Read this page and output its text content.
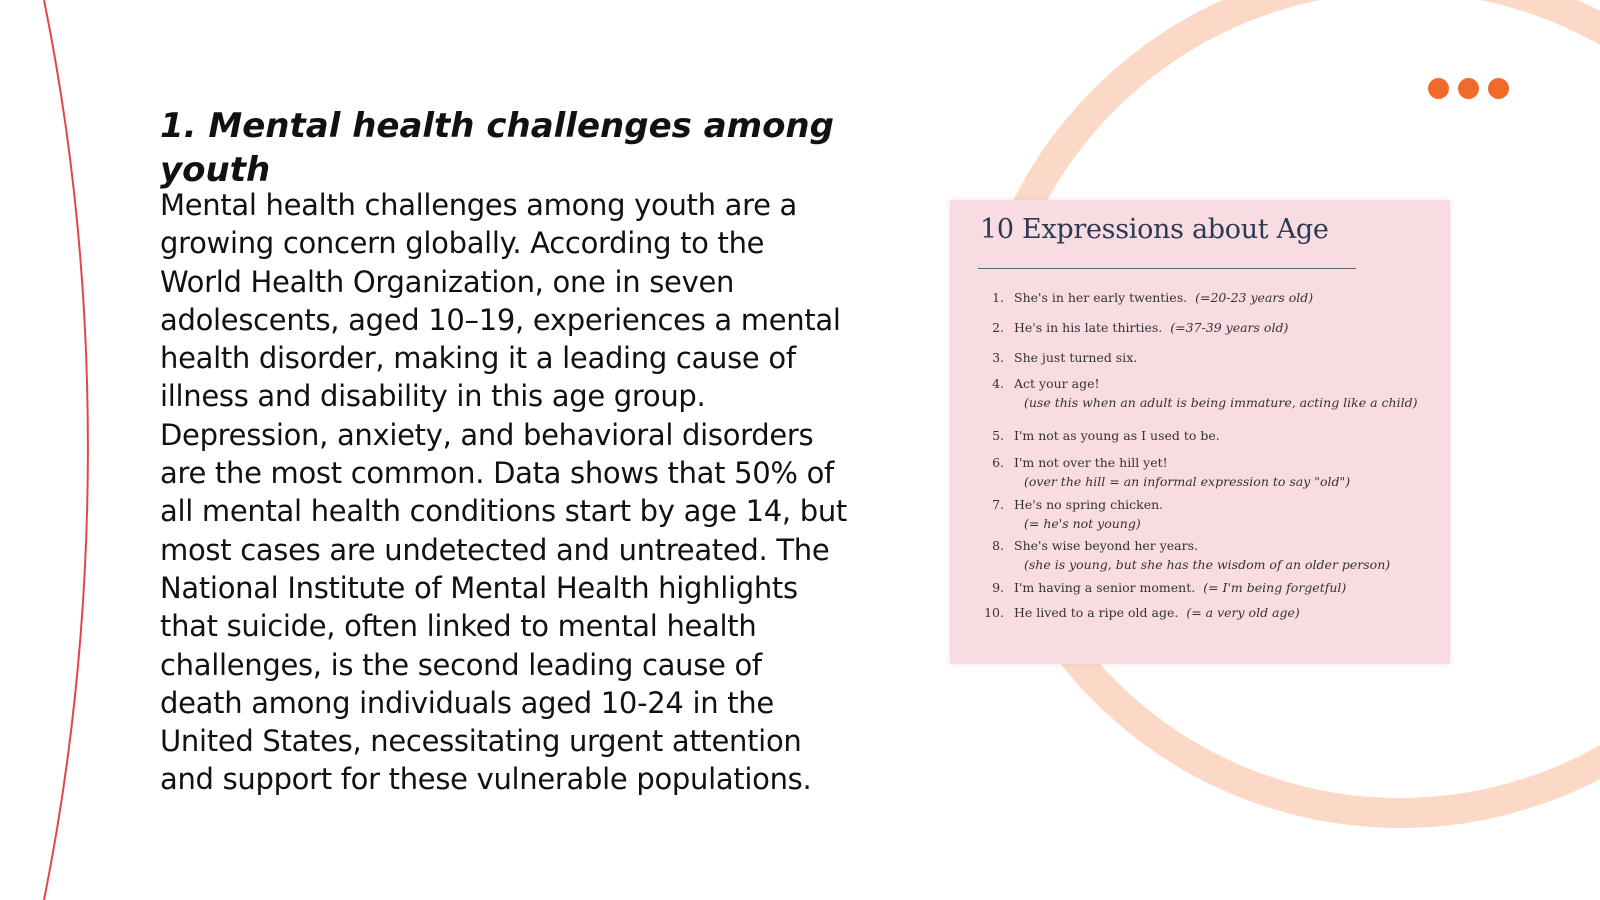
1. Mental health challenges among youth

Mental health challenges among youth are a growing concern globally. According to the World Health Organization, one in seven adolescents, aged 10–19, experiences a mental health disorder, making it a leading cause of illness and disability in this age group. Depression, anxiety, and behavioral disorders are the most common. Data shows that 50% of all mental health conditions start by age 14, but most cases are undetected and untreated. The National Institute of Mental Health highlights that suicide, often linked to mental health challenges, is the second leading cause of death among individuals aged 10-24 in the United States, necessitating urgent attention and support for these vulnerable populations.

10 Expressions about Age
1. She's in her early twenties. (=20-23 years old)
2. He's in his late thirties. (=37-39 years old)
3. She just turned six.
4. Act your age!
(use this when an adult is being immature, acting like a child)
5. I'm not as young as I used to be.
6. I'm not over the hill yet!
(over the hill = an informal expression to say "old")
7. He's no spring chicken.
(= he's not young)
8. She's wise beyond her years.
(she is young, but she has the wisdom of an older person)
9. I'm having a senior moment. (= I'm being forgetful)
10. He lived to a ripe old age. (= a very old age)
